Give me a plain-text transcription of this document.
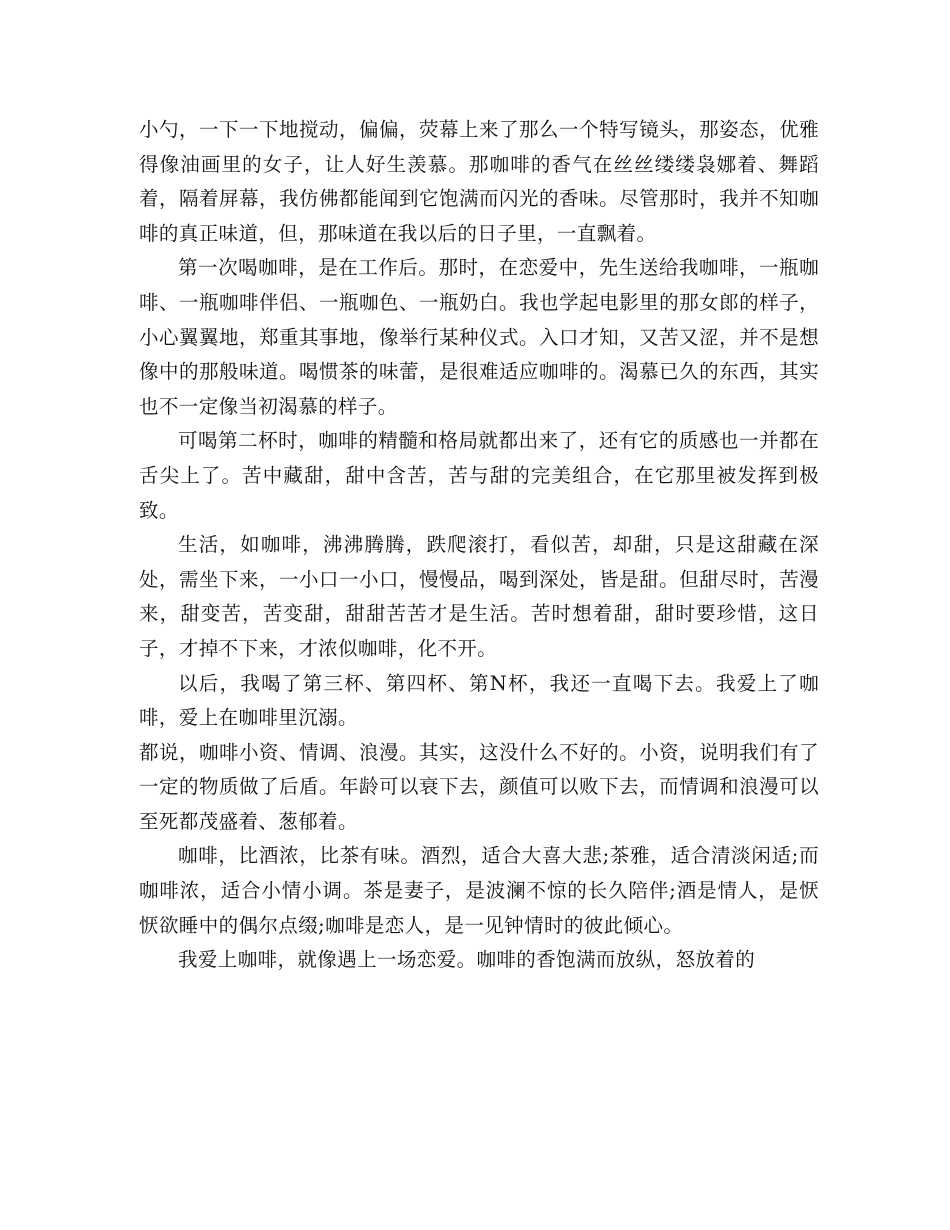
小勺，一下一下地搅动，偏偏，荧幕上来了那么一个特写镜头，那姿态，优雅得像油画里的女子，让人好生羡慕。那咖啡的香气在丝丝缕缕袅娜着、舞蹈着，隔着屏幕，我仿佛都能闻到它饱满而闪光的香味。尽管那时，我并不知咖啡的真正味道，但，那味道在我以后的日子里，一直飘着。

第一次喝咖啡，是在工作后。那时，在恋爱中，先生送给我咖啡，一瓶咖啡、一瓶咖啡伴侣、一瓶咖色、一瓶奶白。我也学起电影里的那女郎的样子，小心翼翼地，郑重其事地，像举行某种仪式。入口才知，又苦又涩，并不是想像中的那般味道。喝惯茶的味蕾，是很难适应咖啡的。渴慕已久的东西，其实也不一定像当初渴慕的样子。

可喝第二杯时，咖啡的精髓和格局就都出来了，还有它的质感也一并都在舌尖上了。苦中藏甜，甜中含苦，苦与甜的完美组合，在它那里被发挥到极致。

生活，如咖啡，沸沸腾腾，跌爬滚打，看似苦，却甜，只是这甜藏在深处，需坐下来，一小口一小口，慢慢品，喝到深处，皆是甜。但甜尽时，苦漫来，甜变苦，苦变甜，甜甜苦苦才是生活。苦时想着甜，甜时要珍惜，这日子，才掉不下来，才浓似咖啡，化不开。

以后，我喝了第三杯、第四杯、第N杯，我还一直喝下去。我爱上了咖啡，爱上在咖啡里沉溺。

都说，咖啡小资、情调、浪漫。其实，这没什么不好的。小资，说明我们有了一定的物质做了后盾。年龄可以衰下去，颜值可以败下去，而情调和浪漫可以至死都茂盛着、葱郁着。

咖啡，比酒浓，比茶有味。酒烈，适合大喜大悲;茶雅，适合清淡闲适;而咖啡浓，适合小情小调。茶是妻子，是波澜不惊的长久陪伴;酒是情人，是恹恹欲睡中的偶尔点缀;咖啡是恋人，是一见钟情时的彼此倾心。

我爱上咖啡，就像遇上一场恋爱。咖啡的香饱满而放纵，怒放着的
